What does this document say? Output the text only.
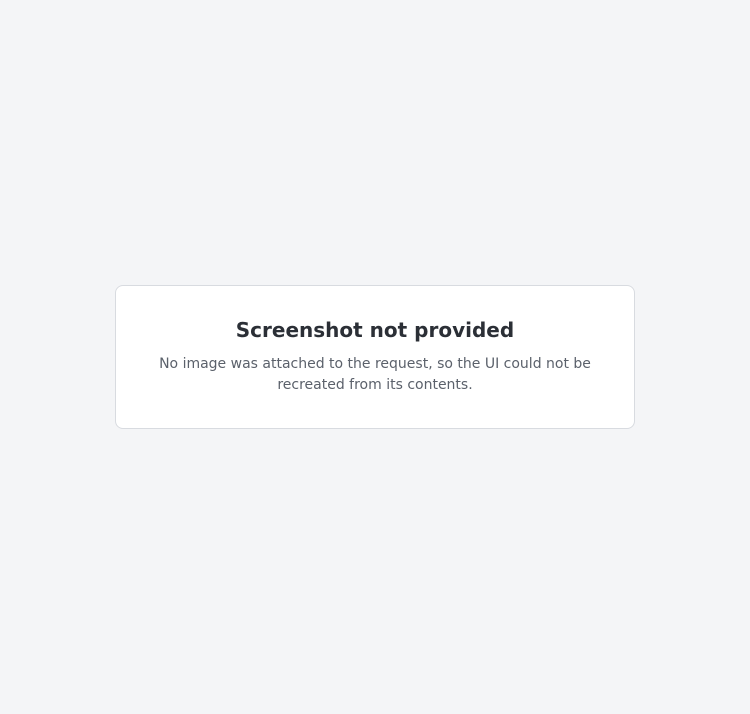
Screenshot not provided

No image was attached to the request, so the UI could not be recreated from its contents.
